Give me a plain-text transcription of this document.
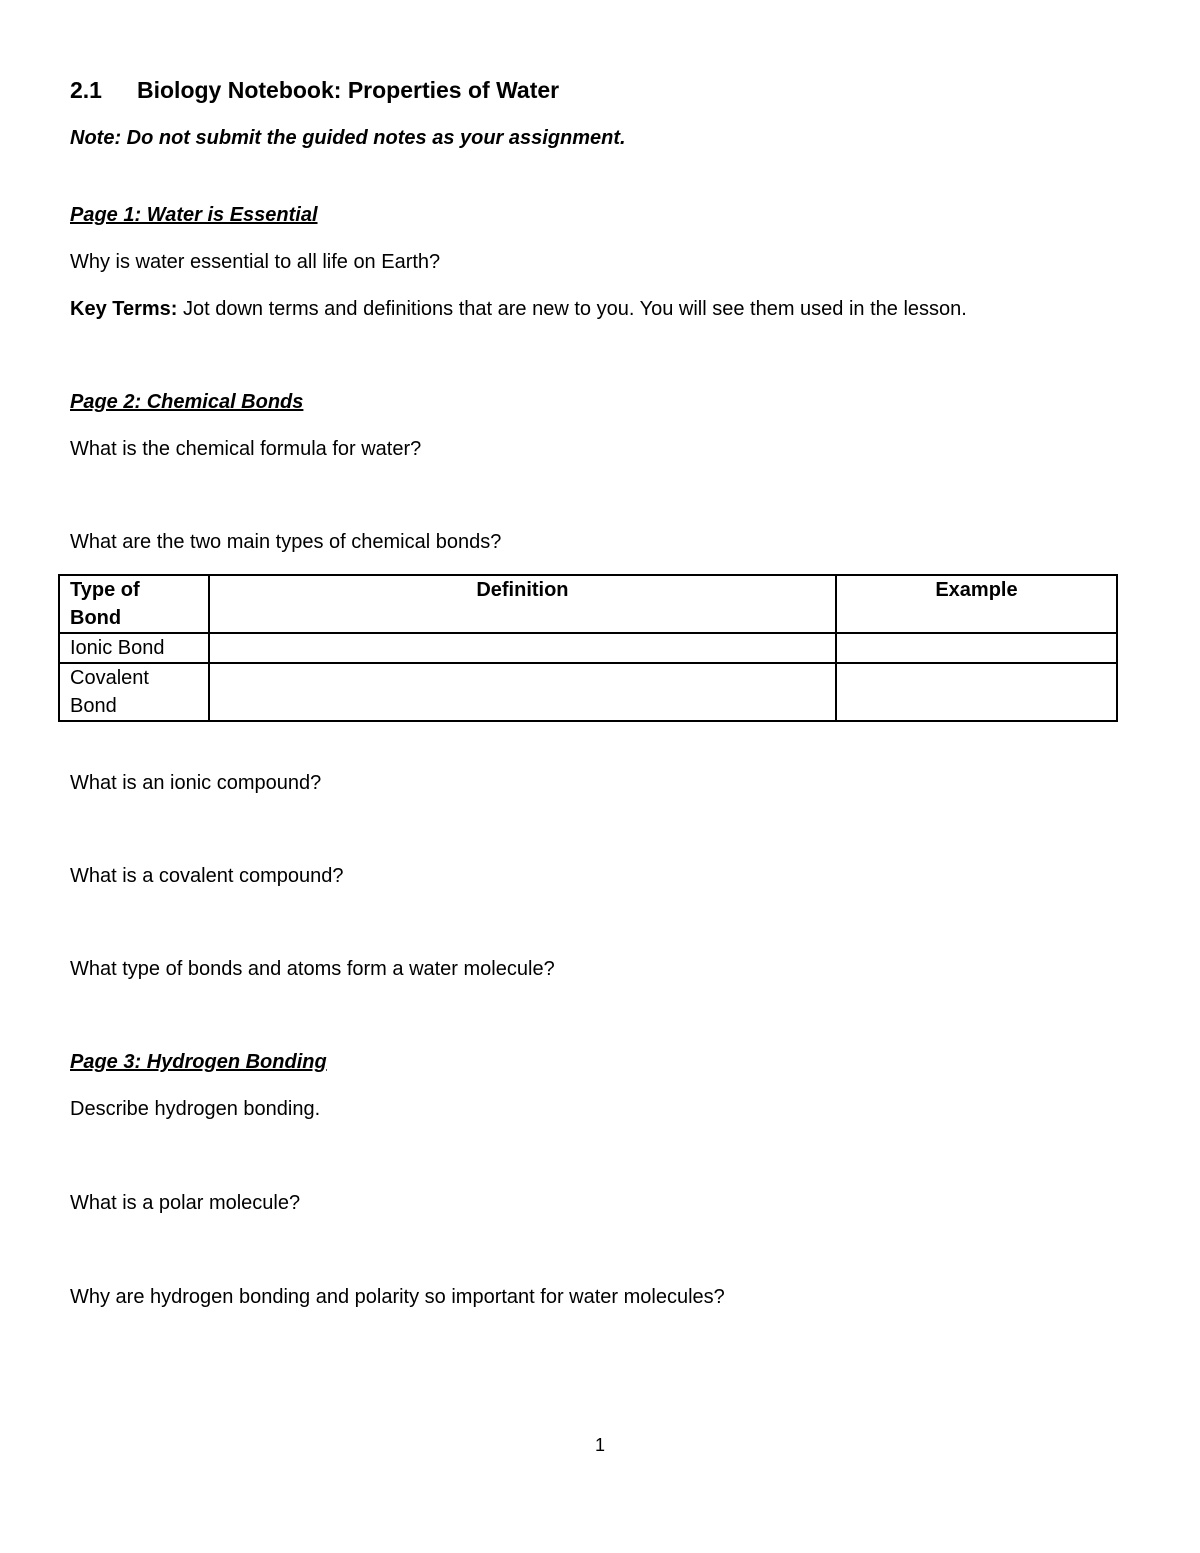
2.1 Biology Notebook: Properties of Water
Note: Do not submit the guided notes as your assignment.
Page 1: Water is Essential
Why is water essential to all life on Earth?
Key Terms: Jot down terms and definitions that are new to you. You will see them used in the lesson.
Page 2: Chemical Bonds
What is the chemical formula for water?
What are the two main types of chemical bonds?
Type of Bond	Definition	Example
Ionic Bond		
Covalent Bond		
What is an ionic compound?
What is a covalent compound?
What type of bonds and atoms form a water molecule?
Page 3: Hydrogen Bonding
Describe hydrogen bonding.
What is a polar molecule?
Why are hydrogen bonding and polarity so important for water molecules?
1
